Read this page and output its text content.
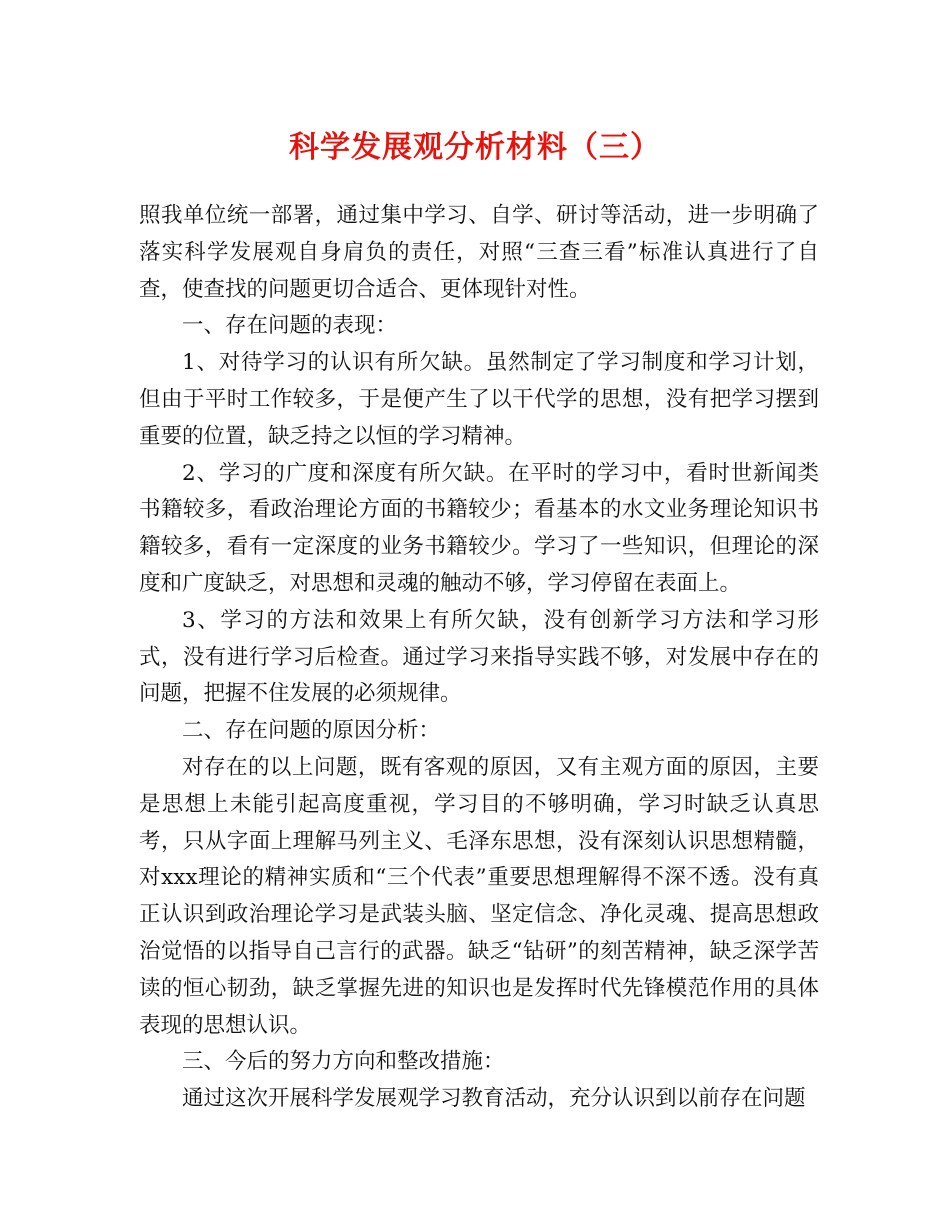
科学发展观分析材料（三）

照我单位统一部署，通过集中学习、自学、研讨等活动，进一步明确了落实科学发展观自身肩负的责任，对照“三查三看”标准认真进行了自查，使查找的问题更切合适合、更体现针对性。

一、存在问题的表现：

1、对待学习的认识有所欠缺。虽然制定了学习制度和学习计划，但由于平时工作较多，于是便产生了以干代学的思想，没有把学习摆到重要的位置，缺乏持之以恒的学习精神。

2、学习的广度和深度有所欠缺。在平时的学习中，看时世新闻类书籍较多，看政治理论方面的书籍较少；看基本的水文业务理论知识书籍较多，看有一定深度的业务书籍较少。学习了一些知识，但理论的深度和广度缺乏，对思想和灵魂的触动不够，学习停留在表面上。

3、学习的方法和效果上有所欠缺，没有创新学习方法和学习形式，没有进行学习后检查。通过学习来指导实践不够，对发展中存在的问题，把握不住发展的必须规律。

二、存在问题的原因分析：

对存在的以上问题，既有客观的原因，又有主观方面的原因，主要是思想上未能引起高度重视，学习目的不够明确，学习时缺乏认真思考，只从字面上理解马列主义、毛泽东思想，没有深刻认识思想精髓，对xxx理论的精神实质和“三个代表”重要思想理解得不深不透。没有真正认识到政治理论学习是武装头脑、坚定信念、净化灵魂、提高思想政治觉悟的以指导自己言行的武器。缺乏“钻研”的刻苦精神，缺乏深学苦读的恒心韧劲，缺乏掌握先进的知识也是发挥时代先锋模范作用的具体表现的思想认识。

三、今后的努力方向和整改措施：

通过这次开展科学发展观学习教育活动，充分认识到以前存在问题
